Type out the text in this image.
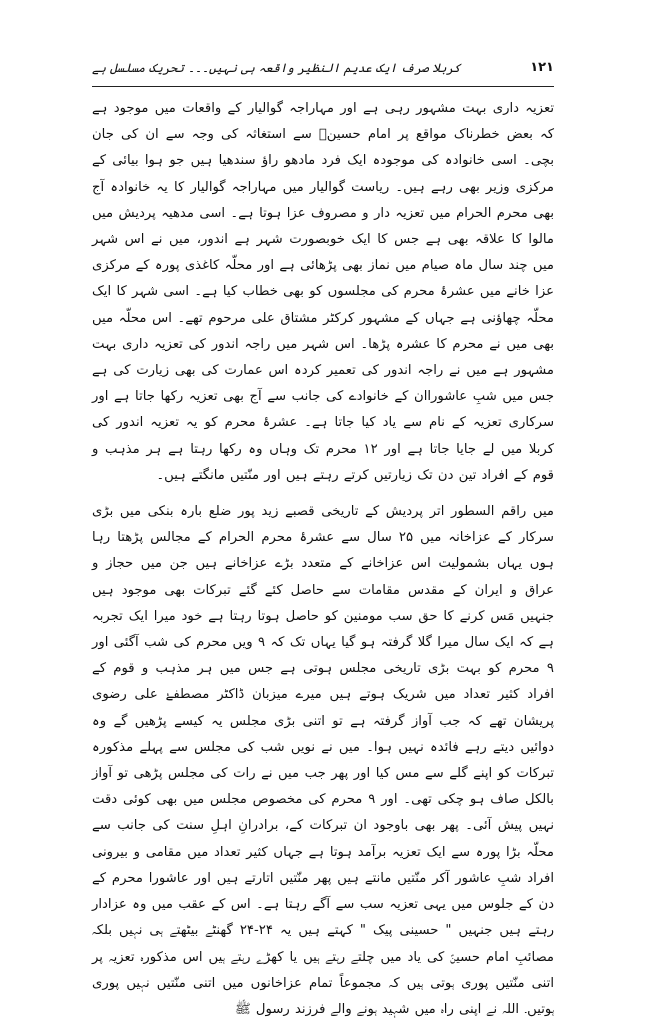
۱۲۱
کربلا صرف ایک عدیم النظیر واقعہ ہی نہیں۔۔۔ تحریک مسلسل ہے

تعزیہ داری بہت مشہور رہی ہے اور مہاراجہ گوالیار کے واقعات میں موجود ہے کہ بعض خطرناک مواقع پر امام حسینؑ سے استغاثہ کی وجہ سے ان کی جان بچی۔ اسی خانوادہ کی موجودہ ایک فرد مادھو راؤ سندھیا ہیں جو ہوا بیائی کے مرکزی وزیر بھی رہے ہیں۔ ریاست گوالیار میں مہاراجہ گوالیار کا یہ خانوادہ آج بھی محرم الحرام میں تعزیہ دار و مصروف عزا ہوتا ہے۔ اسی مدھیہ پردیش میں مالوا کا علاقہ بھی ہے جس کا ایک خوبصورت شہر ہے اندور، میں نے اس شہر میں چند سال ماہ صیام میں نماز بھی پڑھائی ہے اور محلّہ کاغذی پورہ کے مرکزی عزا خانے میں عشرۂ محرم کی مجلسوں کو بھی خطاب کیا ہے۔ اسی شہر کا ایک محلّہ چھاؤنی ہے جہاں کے مشہور کرکٹر مشتاق علی مرحوم تھے۔ اس محلّہ میں بھی میں نے محرم کا عشرہ پڑھا۔ اس شہر میں راجہ اندور کی تعزیہ داری بہت مشہور ہے میں نے راجہ اندور کی تعمیر کردہ اس عمارت کی بھی زیارت کی ہے جس میں شبِ عاشوراان کے خانوادے کی جانب سے آج بھی تعزیہ رکھا جاتا ہے اور سرکاری تعزیہ کے نام سے یاد کیا جاتا ہے۔ عشرۂ محرم کو یہ تعزیہ اندور کی کربلا میں لے جایا جاتا ہے اور ۱۲ محرم تک وہاں وہ رکھا رہتا ہے ہر مذہب و قوم کے افراد تین دن تک زیارتیں کرتے رہتے ہیں اور منّتیں مانگتے ہیں۔

میں راقم السطور اتر پردیش کے تاریخی قصبے زید پور ضلع بارہ بنکی میں بڑی سرکار کے عزاخانہ میں ۲۵ سال سے عشرۂ محرم الحرام کے مجالس پڑھتا رہا ہوں یہاں بشمولیت اس عزاخانے کے متعدد بڑے عزاخانے ہیں جن میں حجاز و عراق و ایران کے مقدس مقامات سے حاصل کئے گئے تبرکات بھی موجود ہیں جنہیں مَس کرنے کا حق سب مومنین کو حاصل ہوتا رہتا ہے خود میرا ایک تجربہ ہے کہ ایک سال میرا گلا گرفتہ ہو گیا یہاں تک کہ ۹ ویں محرم کی شب آگئی اور ۹ محرم کو بہت بڑی تاریخی مجلس ہوتی ہے جس میں ہر مذہب و قوم کے افراد کثیر تعداد میں شریک ہوتے ہیں میرے میزبان ڈاکٹر مصطفےٰ علی رضوی پریشان تھے کہ جب آواز گرفتہ ہے تو اتنی بڑی مجلس یہ کیسے پڑھیں گے وہ دوائیں دیتے رہے فائدہ نہیں ہوا۔ میں نے نویں شب کی مجلس سے پہلے مذکورہ تبرکات کو اپنے گلے سے مس کیا اور پھر جب میں نے رات کی مجلس پڑھی تو آواز بالکل صاف ہو چکی تھی۔ اور ۹ محرم کی مخصوص مجلس میں بھی کوئی دقت نہیں پیش آئی۔ پھر بھی باوجود ان تبرکات کے، برادرانِ اہلِ سنت کی جانب سے محلّہ بڑا پورہ سے ایک تعزیہ برآمد ہوتا ہے جہاں کثیر تعداد میں مقامی و بیرونی افراد شبِ عاشور آکر منّتیں مانتے ہیں پھر منّتیں اتارتے ہیں اور عاشورا محرم کے دن کے جلوس میں یہی تعزیہ سب سے آگے رہتا ہے۔ اس کے عقب میں وہ عزادار رہتے ہیں جنہیں " حسینی پیک " کہتے ہیں یہ ۲۴-۲۴ گھنٹے بیٹھتے ہی نہیں بلکہ مصائبِ امام حسینؑ کی یاد میں چلتے رہتے ہیں یا کھڑے رہتے ہیں اس مذکورہ تعزیہ پر اتنی منّتیں پوری ہوتی ہیں کہ مجموعاً تمام عزاخانوں میں اتنی منّتیں نہیں پوری ہوتیں۔ اللہ نے اپنی راہ میں شہید ہونے والے فرزند رسول ﷺ
